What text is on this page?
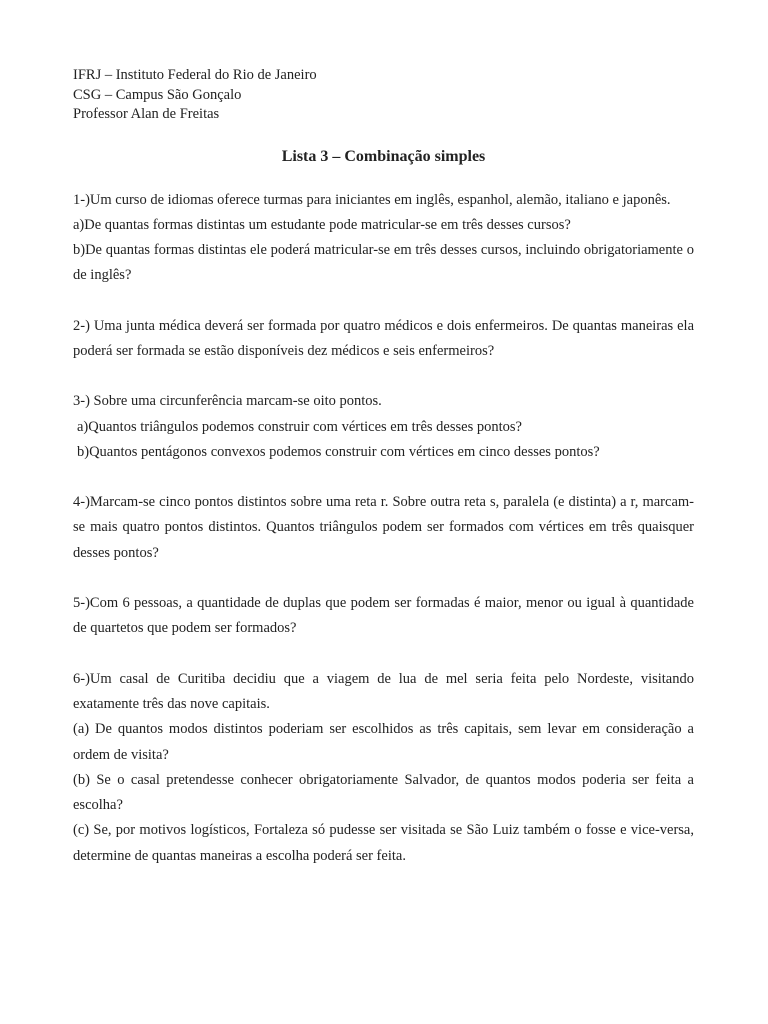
IFRJ – Instituto Federal do Rio de Janeiro
CSG – Campus São Gonçalo
Professor Alan de Freitas
Lista 3 – Combinação simples

1-)Um curso de idiomas oferece turmas para iniciantes em inglês, espanhol, alemão, italiano e japonês.

a)De quantas formas distintas um estudante pode matricular-se em três desses cursos?

b)De quantas formas distintas ele poderá matricular-se em três desses cursos, incluindo obrigatoriamente o de inglês?

2-) Uma junta médica deverá ser formada por quatro médicos e dois enfermeiros. De quantas maneiras ela poderá ser formada se estão disponíveis dez médicos e seis enfermeiros?

3-) Sobre uma circunferência marcam-se oito pontos.

a)Quantos triângulos podemos construir com vértices em três desses pontos?

b)Quantos pentágonos convexos podemos construir com vértices em cinco desses pontos?

4-)Marcam-se cinco pontos distintos sobre uma reta r. Sobre outra reta s, paralela (e distinta) a r, marcam-se mais quatro pontos distintos. Quantos triângulos podem ser formados com vértices em três quaisquer desses pontos?

5-)Com 6 pessoas, a quantidade de duplas que podem ser formadas é maior, menor ou igual à quantidade de quartetos que podem ser formados?

6-)Um casal de Curitiba decidiu que a viagem de lua de mel seria feita pelo Nordeste, visitando exatamente três das nove capitais.

(a) De quantos modos distintos poderiam ser escolhidos as três capitais, sem levar em consideração a ordem de visita?

(b) Se o casal pretendesse conhecer obrigatoriamente Salvador, de quantos modos poderia ser feita a escolha?

(c) Se, por motivos logísticos, Fortaleza só pudesse ser visitada se São Luiz também o fosse e vice-versa, determine de quantas maneiras a escolha poderá ser feita.
